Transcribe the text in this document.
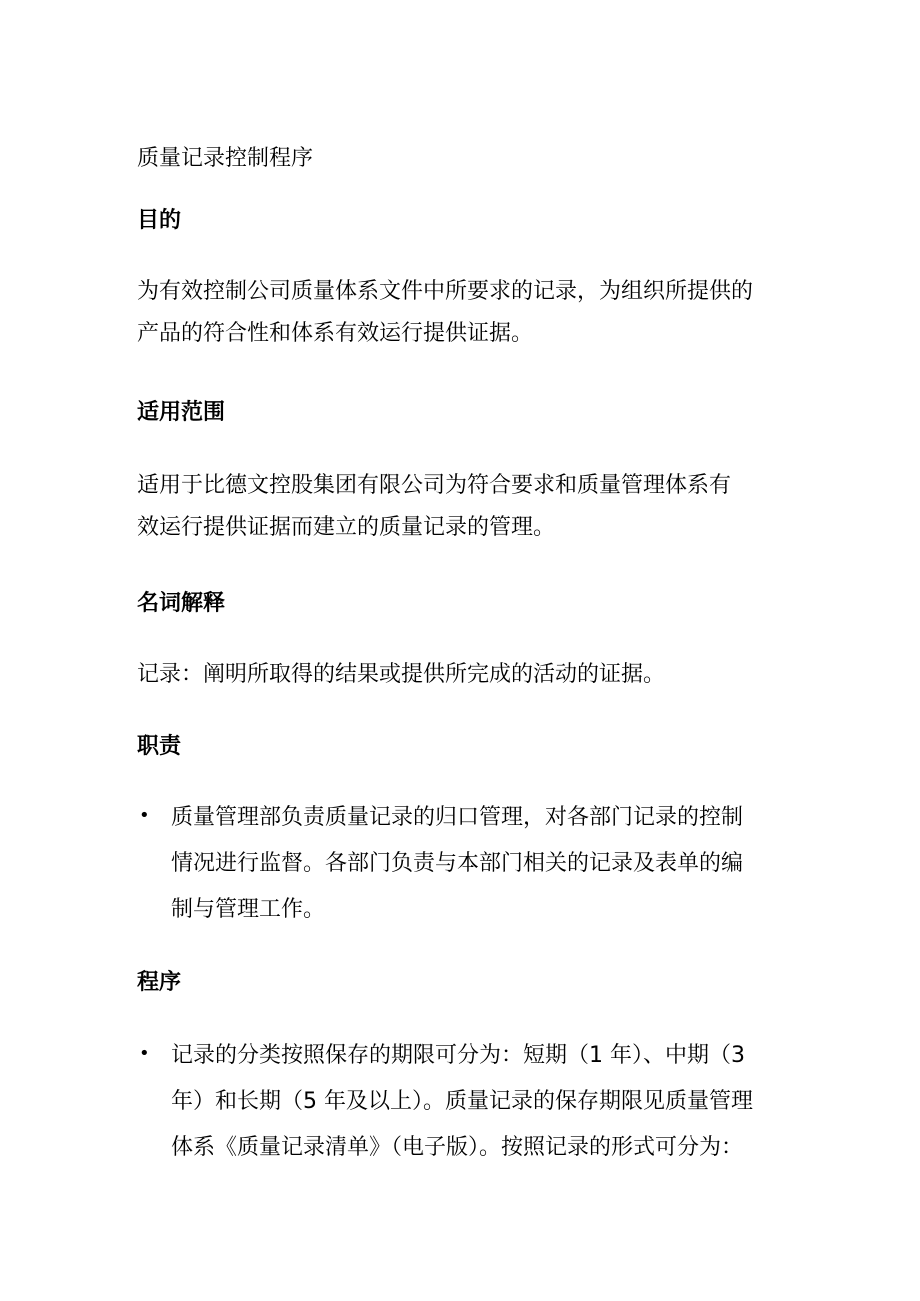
质量记录控制程序
目的
为有效控制公司质量体系文件中所要求的记录，为组织所提供的
产品的符合性和体系有效运行提供证据。
适用范围
适用于比德文控股集团有限公司为符合要求和质量管理体系有
效运行提供证据而建立的质量记录的管理。
名词解释
记录：阐明所取得的结果或提供所完成的活动的证据。
职责
• 质量管理部负责质量记录的归口管理，对各部门记录的控制
情况进行监督。各部门负责与本部门相关的记录及表单的编
制与管理工作。
程序
• 记录的分类按照保存的期限可分为：短期（1 年）、中期（3
年）和长期（5 年及以上）。质量记录的保存期限见质量管理
体系《质量记录清单》（电子版）。按照记录的形式可分为：
